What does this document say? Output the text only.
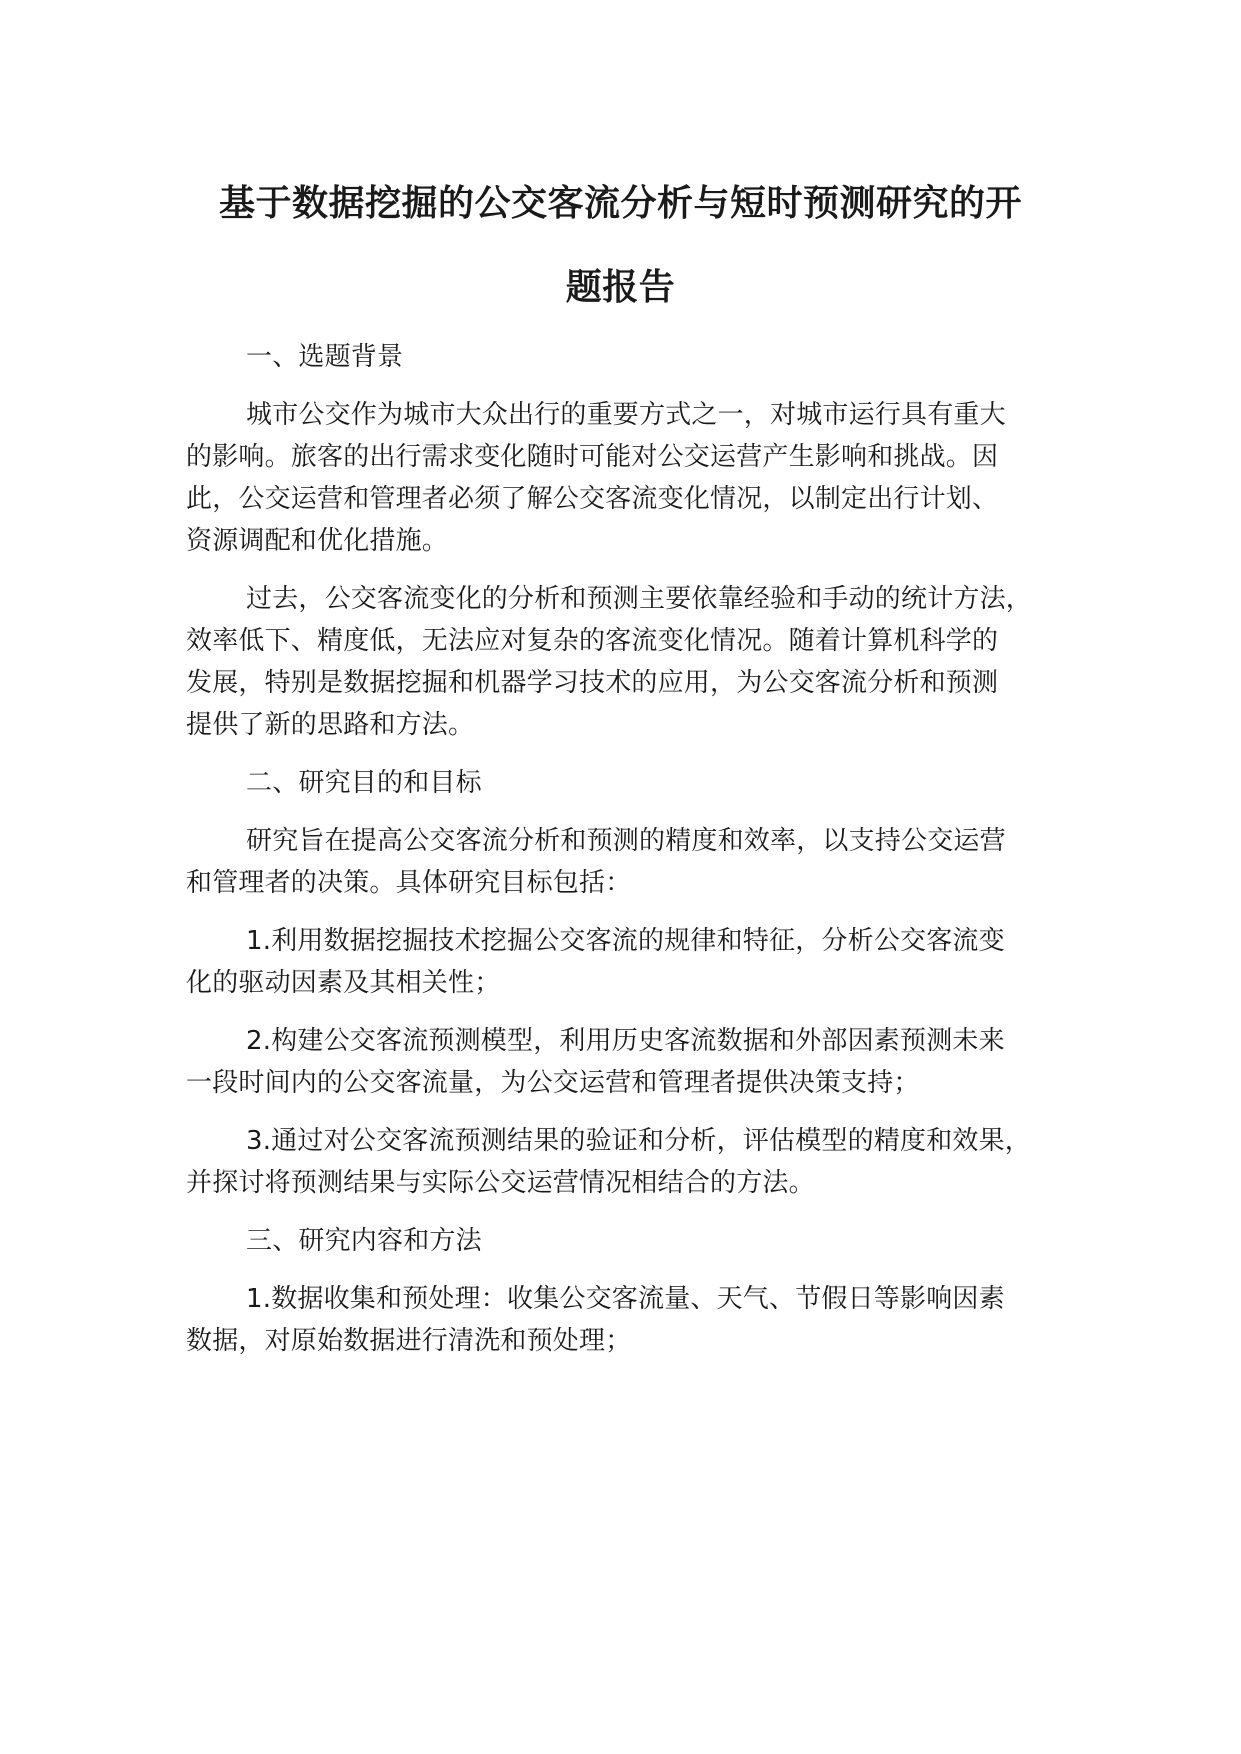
基于数据挖掘的公交客流分析与短时预测研究的开
题报告
一、选题背景
城市公交作为城市大众出行的重要方式之一，对城市运行具有重大
的影响。旅客的出行需求变化随时可能对公交运营产生影响和挑战。因
此，公交运营和管理者必须了解公交客流变化情况，以制定出行计划、
资源调配和优化措施。
过去，公交客流变化的分析和预测主要依靠经验和手动的统计方法，
效率低下、精度低，无法应对复杂的客流变化情况。随着计算机科学的
发展，特别是数据挖掘和机器学习技术的应用，为公交客流分析和预测
提供了新的思路和方法。
二、研究目的和目标
研究旨在提高公交客流分析和预测的精度和效率，以支持公交运营
和管理者的决策。具体研究目标包括：
1.利用数据挖掘技术挖掘公交客流的规律和特征，分析公交客流变
化的驱动因素及其相关性；
2.构建公交客流预测模型，利用历史客流数据和外部因素预测未来
一段时间内的公交客流量，为公交运营和管理者提供决策支持；
3.通过对公交客流预测结果的验证和分析，评估模型的精度和效果，
并探讨将预测结果与实际公交运营情况相结合的方法。
三、研究内容和方法
1.数据收集和预处理：收集公交客流量、天气、节假日等影响因素
数据，对原始数据进行清洗和预处理；
